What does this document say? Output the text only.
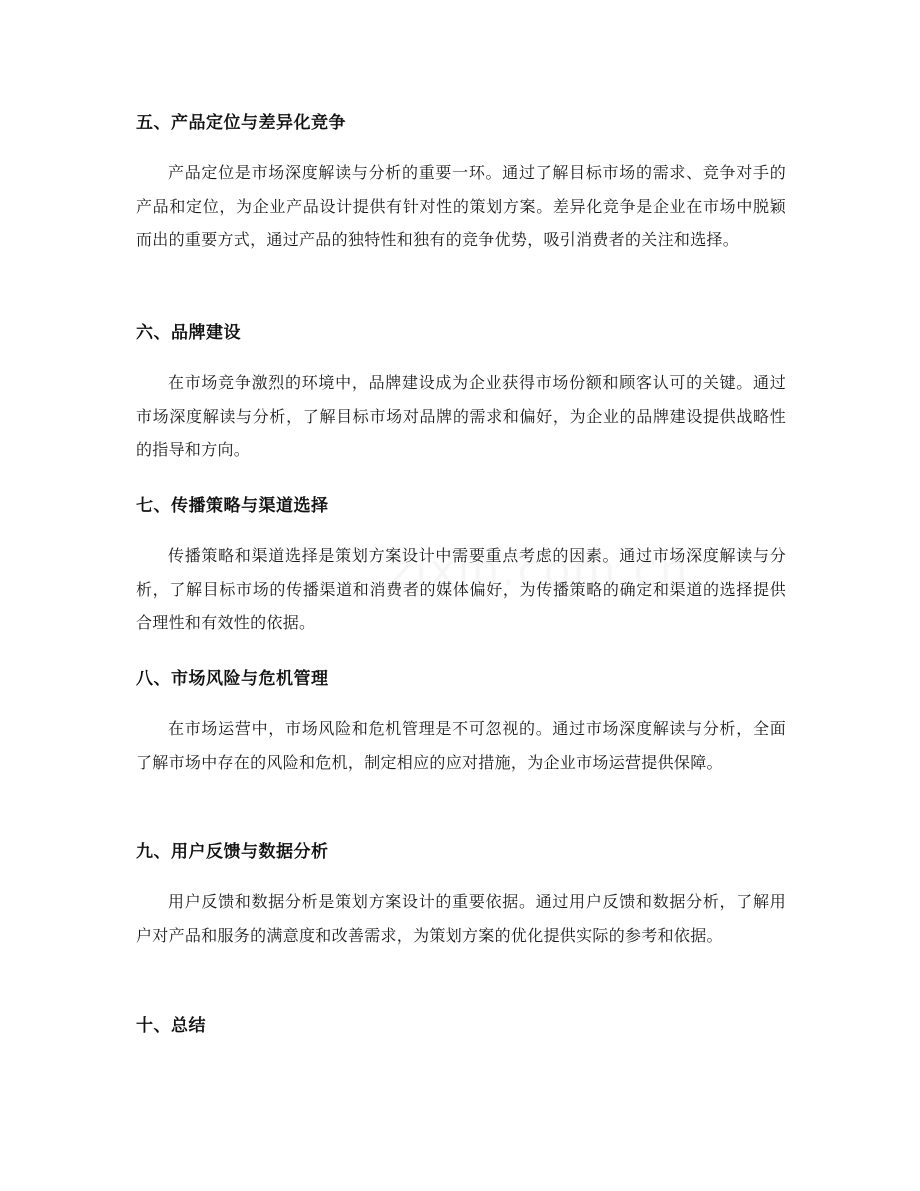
五、产品定位与差异化竞争

产品定位是市场深度解读与分析的重要一环。通过了解目标市场的需求、竞争对手的产品和定位，为企业产品设计提供有针对性的策划方案。差异化竞争是企业在市场中脱颖而出的重要方式，通过产品的独特性和独有的竞争优势，吸引消费者的关注和选择。

六、品牌建设

在市场竞争激烈的环境中，品牌建设成为企业获得市场份额和顾客认可的关键。通过市场深度解读与分析，了解目标市场对品牌的需求和偏好，为企业的品牌建设提供战略性的指导和方向。

七、传播策略与渠道选择

传播策略和渠道选择是策划方案设计中需要重点考虑的因素。通过市场深度解读与分析，了解目标市场的传播渠道和消费者的媒体偏好，为传播策略的确定和渠道的选择提供合理性和有效性的依据。

八、市场风险与危机管理

在市场运营中，市场风险和危机管理是不可忽视的。通过市场深度解读与分析，全面了解市场中存在的风险和危机，制定相应的应对措施，为企业市场运营提供保障。

九、用户反馈与数据分析

用户反馈和数据分析是策划方案设计的重要依据。通过用户反馈和数据分析，了解用户对产品和服务的满意度和改善需求，为策划方案的优化提供实际的参考和依据。

十、总结
